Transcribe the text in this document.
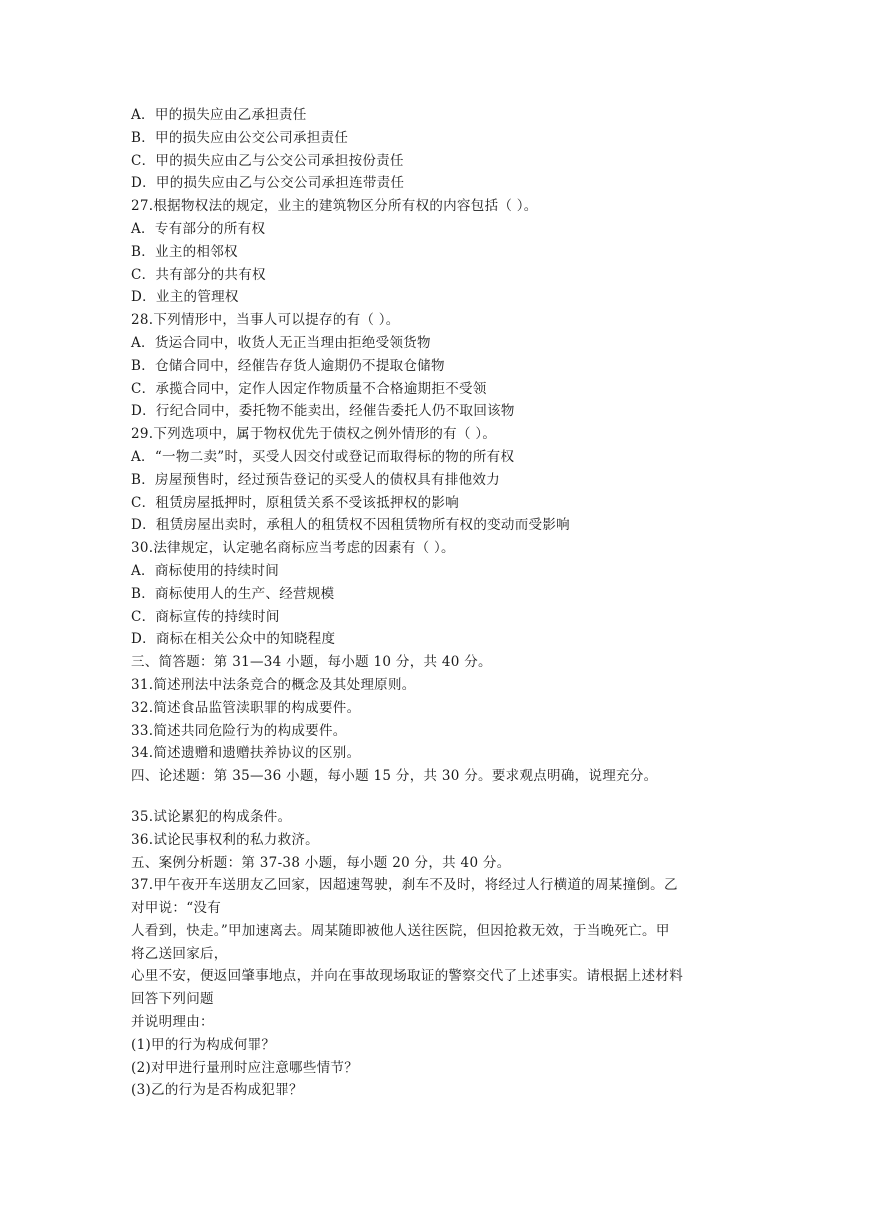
A．甲的损失应由乙承担责任
B．甲的损失应由公交公司承担责任
C．甲的损失应由乙与公交公司承担按份责任
D．甲的损失应由乙与公交公司承担连带责任
27.根据物权法的规定，业主的建筑物区分所有权的内容包括（ ）。
A．专有部分的所有权
B．业主的相邻权
C．共有部分的共有权
D．业主的管理权
28.下列情形中，当事人可以提存的有（ ）。
A．货运合同中，收货人无正当理由拒绝受领货物
B．仓储合同中，经催告存货人逾期仍不提取仓储物
C．承揽合同中，定作人因定作物质量不合格逾期拒不受领
D．行纪合同中，委托物不能卖出，经催告委托人仍不取回该物
29.下列选项中，属于物权优先于债权之例外情形的有（ ）。
A．“一物二卖”时，买受人因交付或登记而取得标的物的所有权
B．房屋预售时，经过预告登记的买受人的债权具有排他效力
C．租赁房屋抵押时，原租赁关系不受该抵押权的影响
D．租赁房屋出卖时，承租人的租赁权不因租赁物所有权的变动而受影响
30.法律规定，认定驰名商标应当考虑的因素有（ ）。
A．商标使用的持续时间
B．商标使用人的生产、经营规模
C．商标宣传的持续时间
D．商标在相关公众中的知晓程度
三、简答题：第 31—34 小题，每小题 10 分，共 40 分。
31.简述刑法中法条竞合的概念及其处理原则。
32.简述食品监管渎职罪的构成要件。
33.简述共同危险行为的构成要件。
34.简述遗赠和遗赠扶养协议的区别。
四、论述题：第 35—36 小题，每小题 15 分，共 30 分。要求观点明确，说理充分。
35.试论累犯的构成条件。
36.试论民事权利的私力救济。
五、案例分析题：第 37-38 小题，每小题 20 分，共 40 分。
37.甲午夜开车送朋友乙回家，因超速驾驶，刹车不及时，将经过人行横道的周某撞倒。乙
对甲说：“没有
人看到，快走。”甲加速离去。周某随即被他人送往医院，但因抢救无效，于当晚死亡。甲
将乙送回家后，
心里不安，便返回肇事地点，并向在事故现场取证的警察交代了上述事实。请根据上述材料
回答下列问题
并说明理由：
(1)甲的行为构成何罪？
(2)对甲进行量刑时应注意哪些情节？
(3)乙的行为是否构成犯罪？
